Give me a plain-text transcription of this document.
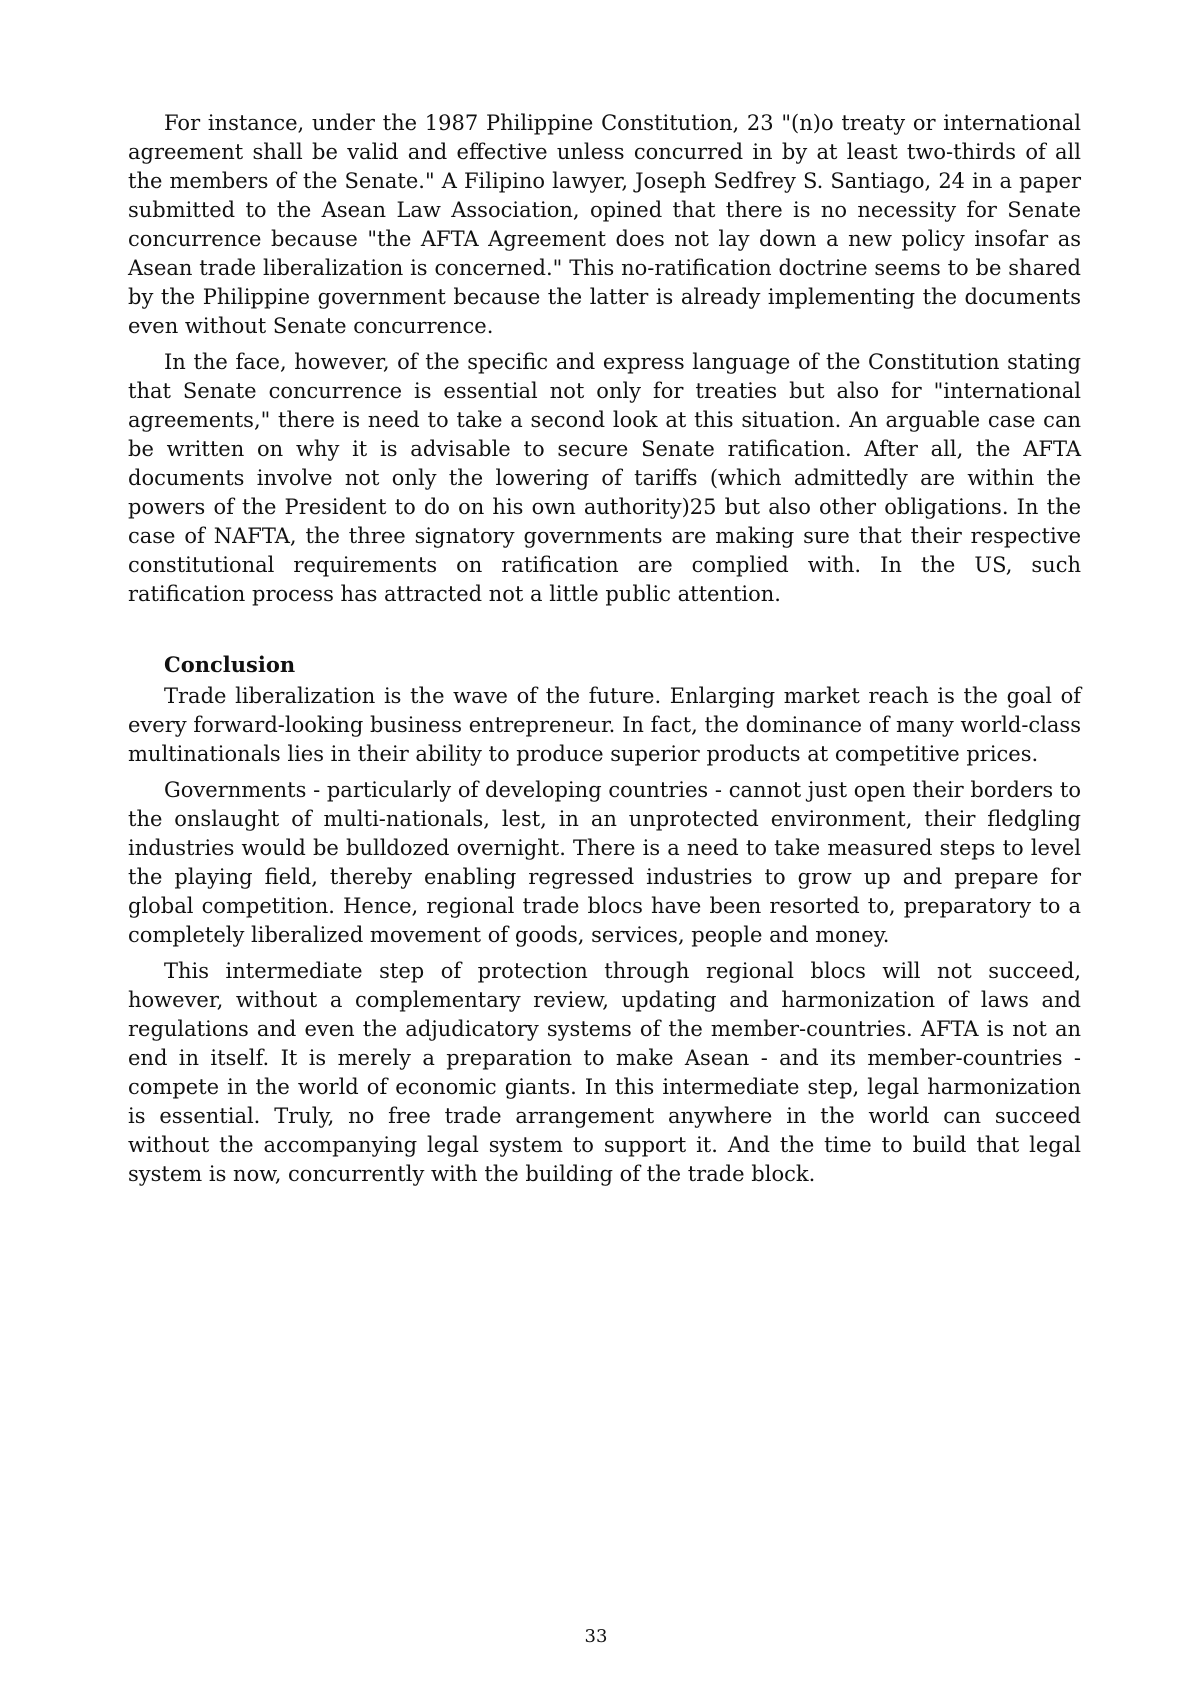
For instance, under the 1987 Philippine Constitution, 23 "(n)o treaty or international agreement shall be valid and effective unless concurred in by at least two-thirds of all the members of the Senate." A Filipino lawyer, Joseph Sedfrey S. Santiago, 24 in a paper submitted to the Asean Law Association, opined that there is no necessity for Senate concurrence because "the AFTA Agreement does not lay down a new policy insofar as Asean trade liberalization is concerned." This no-ratification doctrine seems to be shared by the Philippine government because the latter is already implementing the documents even without Senate concurrence.

In the face, however, of the specific and express language of the Constitution stating that Senate concurrence is essential not only for treaties but also for "international agreements," there is need to take a second look at this situation. An arguable case can be written on why it is advisable to secure Senate ratification. After all, the AFTA documents involve not only the lowering of tariffs (which admittedly are within the powers of the President to do on his own authority)25 but also other obligations. In the case of NAFTA, the three signatory governments are making sure that their respective constitutional requirements on ratification are complied with. In the US, such ratification process has attracted not a little public attention.

Conclusion

Trade liberalization is the wave of the future. Enlarging market reach is the goal of every forward-looking business entrepreneur. In fact, the dominance of many world-class multinationals lies in their ability to produce superior products at competitive prices.

Governments - particularly of developing countries - cannot just open their borders to the onslaught of multi-nationals, lest, in an unprotected environment, their fledgling industries would be bulldozed overnight. There is a need to take measured steps to level the playing field, thereby enabling regressed industries to grow up and prepare for global competition. Hence, regional trade blocs have been resorted to, preparatory to a completely liberalized movement of goods, services, people and money.

This intermediate step of protection through regional blocs will not succeed, however, without a complementary review, updating and harmonization of laws and regulations and even the adjudicatory systems of the member-countries. AFTA is not an end in itself. It is merely a preparation to make Asean - and its member-countries - compete in the world of economic giants. In this intermediate step, legal harmonization is essential. Truly, no free trade arrangement anywhere in the world can succeed without the accompanying legal system to support it. And the time to build that legal system is now, concurrently with the building of the trade block.

33
